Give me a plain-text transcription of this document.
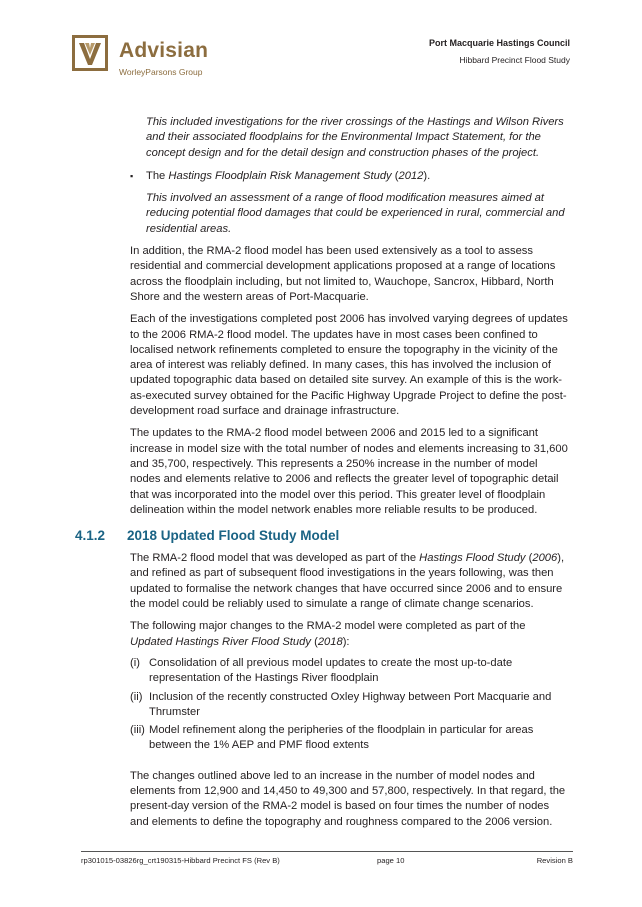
Advisian
WorleyParsons Group
Port Macquarie Hastings Council
Hibbard Precinct Flood Study

This included investigations for the river crossings of the Hastings and Wilson Rivers and their associated floodplains for the Environmental Impact Statement, for the concept design and for the detail design and construction phases of the project.

▪ The Hastings Floodplain Risk Management Study (2012).

This involved an assessment of a range of flood modification measures aimed at reducing potential flood damages that could be experienced in rural, commercial and residential areas.

In addition, the RMA-2 flood model has been used extensively as a tool to assess residential and commercial development applications proposed at a range of locations across the floodplain including, but not limited to, Wauchope, Sancrox, Hibbard, North Shore and the western areas of Port-Macquarie.

Each of the investigations completed post 2006 has involved varying degrees of updates to the 2006 RMA-2 flood model. The updates have in most cases been confined to localised network refinements completed to ensure the topography in the vicinity of the area of interest was reliably defined. In many cases, this has involved the inclusion of updated topographic data based on detailed site survey. An example of this is the work-as-executed survey obtained for the Pacific Highway Upgrade Project to define the post-development road surface and drainage infrastructure.

The updates to the RMA-2 flood model between 2006 and 2015 led to a significant increase in model size with the total number of nodes and elements increasing to 31,600 and 35,700, respectively. This represents a 250% increase in the number of model nodes and elements relative to 2006 and reflects the greater level of topographic detail that was incorporated into the model over this period. This greater level of floodplain delineation within the model network enables more reliable results to be produced.

4.1.2 2018 Updated Flood Study Model

The RMA-2 flood model that was developed as part of the Hastings Flood Study (2006), and refined as part of subsequent flood investigations in the years following, was then updated to formalise the network changes that have occurred since 2006 and to ensure the model could be reliably used to simulate a range of climate change scenarios.

The following major changes to the RMA-2 model were completed as part of the Updated Hastings River Flood Study (2018):

(i) Consolidation of all previous model updates to create the most up-to-date representation of the Hastings River floodplain

(ii) Inclusion of the recently constructed Oxley Highway between Port Macquarie and Thrumster

(iii) Model refinement along the peripheries of the floodplain in particular for areas between the 1% AEP and PMF flood extents

The changes outlined above led to an increase in the number of model nodes and elements from 12,900 and 14,450 to 49,300 and 57,800, respectively. In that regard, the present-day version of the RMA-2 model is based on four times the number of nodes and elements to define the topography and roughness compared to the 2006 version.

rp301015-03826rg_crt190315-Hibbard Precinct FS (Rev B)	page 10	Revision B
